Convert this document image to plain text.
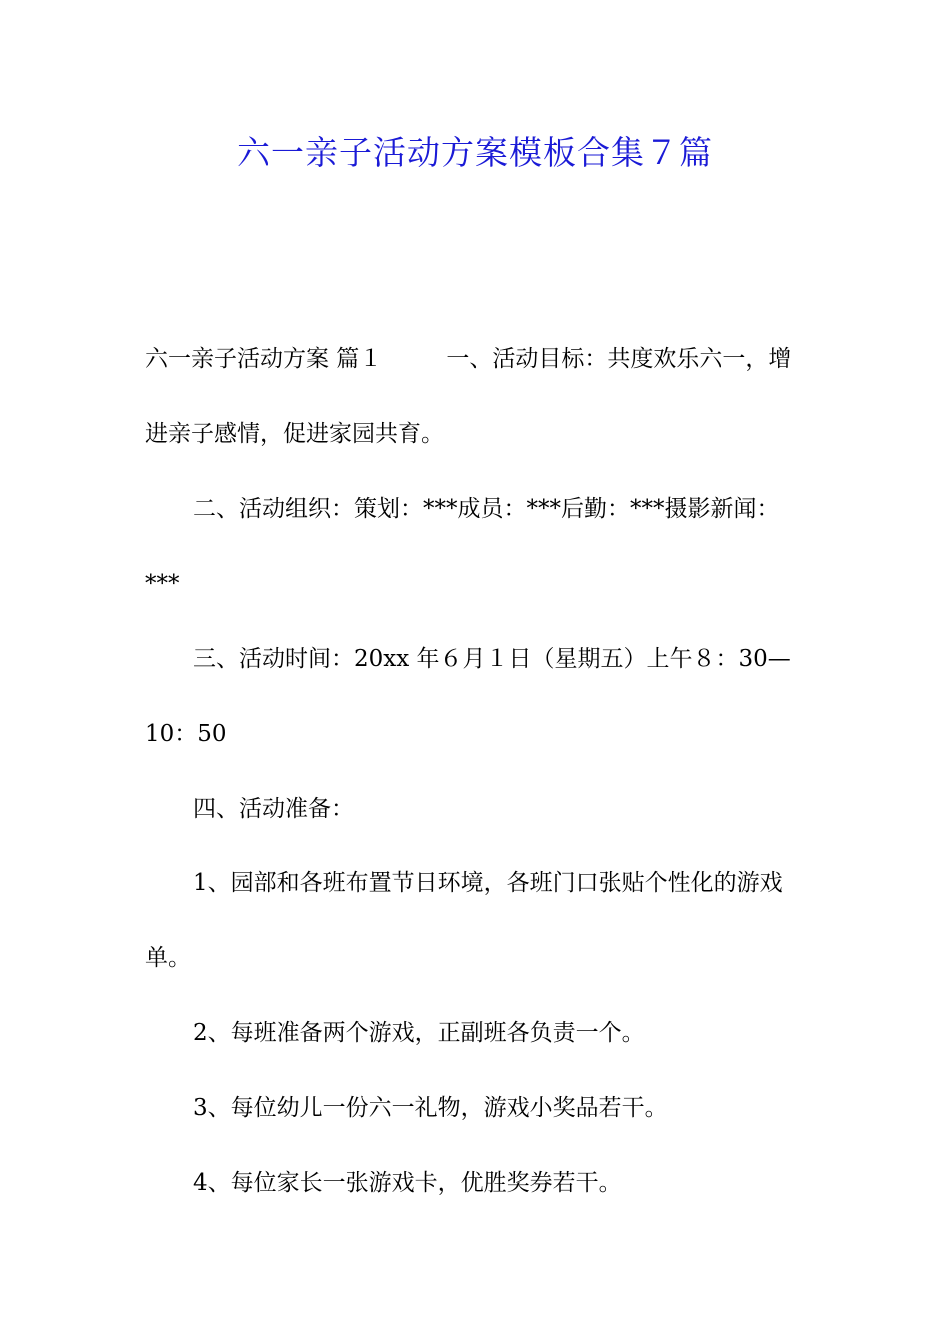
六一亲子活动方案模板合集７篇

六一亲子活动方案 篇１	一、活动目标：共度欢乐六一，增

进亲子感情，促进家园共育。

二、活动组织：策划：***成员：***后勤：***摄影新闻：

***

三、活动时间：20xx 年６月１日（星期五）上午８：30—

10：50

四、活动准备：

1、园部和各班布置节日环境，各班门口张贴个性化的游戏

单。

2、每班准备两个游戏，正副班各负责一个。

3、每位幼儿一份六一礼物，游戏小奖品若干。

4、每位家长一张游戏卡，优胜奖券若干。
